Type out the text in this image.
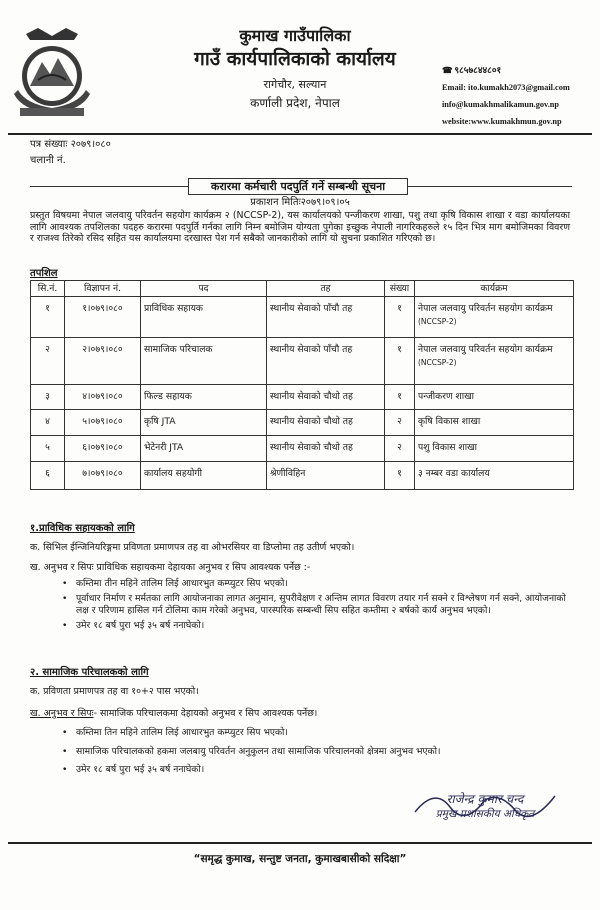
कुमाख गाउँपालिका
गाउँ कार्यपालिकाको कार्यालय
रागेचौर, सल्यान
कर्णाली प्रदेश, नेपाल
☎ ९८५७८४४८०१
Email: ito.kumakh2073@gmail.com
info@kumakhmalikamun.gov.np
website:www.kumakhmun.gov.np
पत्र संख्याः २०७९।०८०
चलानी नं.
करारमा कर्मचारी पदपुर्ति गर्ने सम्बन्धी सूचना
प्रकाशन मितिः२०७९।०९।०५
प्रस्तुत विषयमा नेपाल जलवायु परिवर्तन सहयोग कार्यक्रम २ (NCCSP-2), यस कार्यालयको पन्जीकरण शाखा, पशु तथा कृषि विकास शाखा र वडा कार्यालयका लागि आवश्यक तपशिलका पदहरु करारमा पदपुर्ति गर्नका लागि निम्न बमोजिम योग्यता पुगेका इच्छुक नेपाली नागरिकहरुले १५ दिन भित्र माग बमोजिमका विवरण र राजश्व तिरेको रसिद सहित यस कार्यालयमा दरखास्त पेश गर्न सबैको जानकारीको लागि यो सुचना प्रकाशित गरिएको छ।
तपशिल
सि.नं.	विज्ञापन नं.	पद	तह	संख्या	कार्यक्रम
१	१।०७९।०८०	प्राविधिक सहायक	स्थानीय सेवाको पाँचौ तह	१	नेपाल जलवायु परिवर्तन सहयोग कार्यक्रम
(NCCSP-2)

२	२।०७९।०८०	सामाजिक परिचालक	स्थानीय सेवाको पाँचौ तह	१	नेपाल जलवायु परिवर्तन सहयोग कार्यक्रम
(NCCSP-2)

३	४।०७९।०८०	फिल्ड सहायक	स्थानीय सेवाको चौथो तह	१	पन्जीकरण शाखा
४	५।०७९।०८०	कृषि JTA	स्थानीय सेवाको चौथो तह	२	कृषि विकास शाखा
५	६।०७९।०८०	भेटेनरी JTA	स्थानीय सेवाको चौथो तह	२	पशु विकास शाखा
६	७।०७९।०८०	कार्यालय सहयोगी	श्रेणीविहिन	१	३ नम्बर वडा कार्यालय
१.प्राविधिक सहायकको लागि
क. सिभिल ईन्जिनियरिङ्गमा प्रविणता प्रमाणपत्र तह वा ओभरसियर वा डिप्लोमा तह उतीर्ण भएको।
ख. अनुभव र सिपः प्राविधिक सहायकमा देहायका अनुभव र सिप आवश्यक पर्नेछ :-
• कम्तिमा तीन महिने तालिम लिई आधारभुत कम्प्युटर सिप भएको।
• पूर्वाधार निर्माण र मर्मतका लागि आयोजनाका लागत अनुमान, सुपरीवेक्षण र अन्तिम लागत विवरण तयार गर्न सक्ने र विश्लेषण गर्न सक्ने, आयोजनाको लक्ष र परिणाम हासिल गर्न टोलिमा काम गरेको अनुभव, पारस्परिक सम्बन्धी सिप सहित कम्तीमा २ बर्षको कार्य अनुभव भएको।
• उमेर १८ बर्ष पुरा भई ३५ बर्ष ननाघेको।
२. सामाजिक परिचालकको लागि
क. प्रविणता प्रमाणपत्र तह वा १०+२ पास भएको।
ख. अनुभव र सिपः- सामाजिक परिचालकमा देहायको अनुभव र सिप आवश्यक पर्नेछ।
• कम्तिमा तिन महिने तालिम लिई आधारभुत कम्प्युटर सिप भएको।
• सामाजिक परिचालकको हकमा जलबायु परिवर्तन अनुकुलन तथा सामाजिक परिचालनको क्षेत्रमा अनुभव भएको।
• उमेर १८ बर्ष पुरा भई ३५ बर्ष ननाघेको।
राजेन्द्र कुमार चन्द
प्रमुख प्रशासकीय अधिकृत
“समृद्ध कुमाख, सन्तुष्ट जनता, कुमाखबासीको सदिक्षा”
